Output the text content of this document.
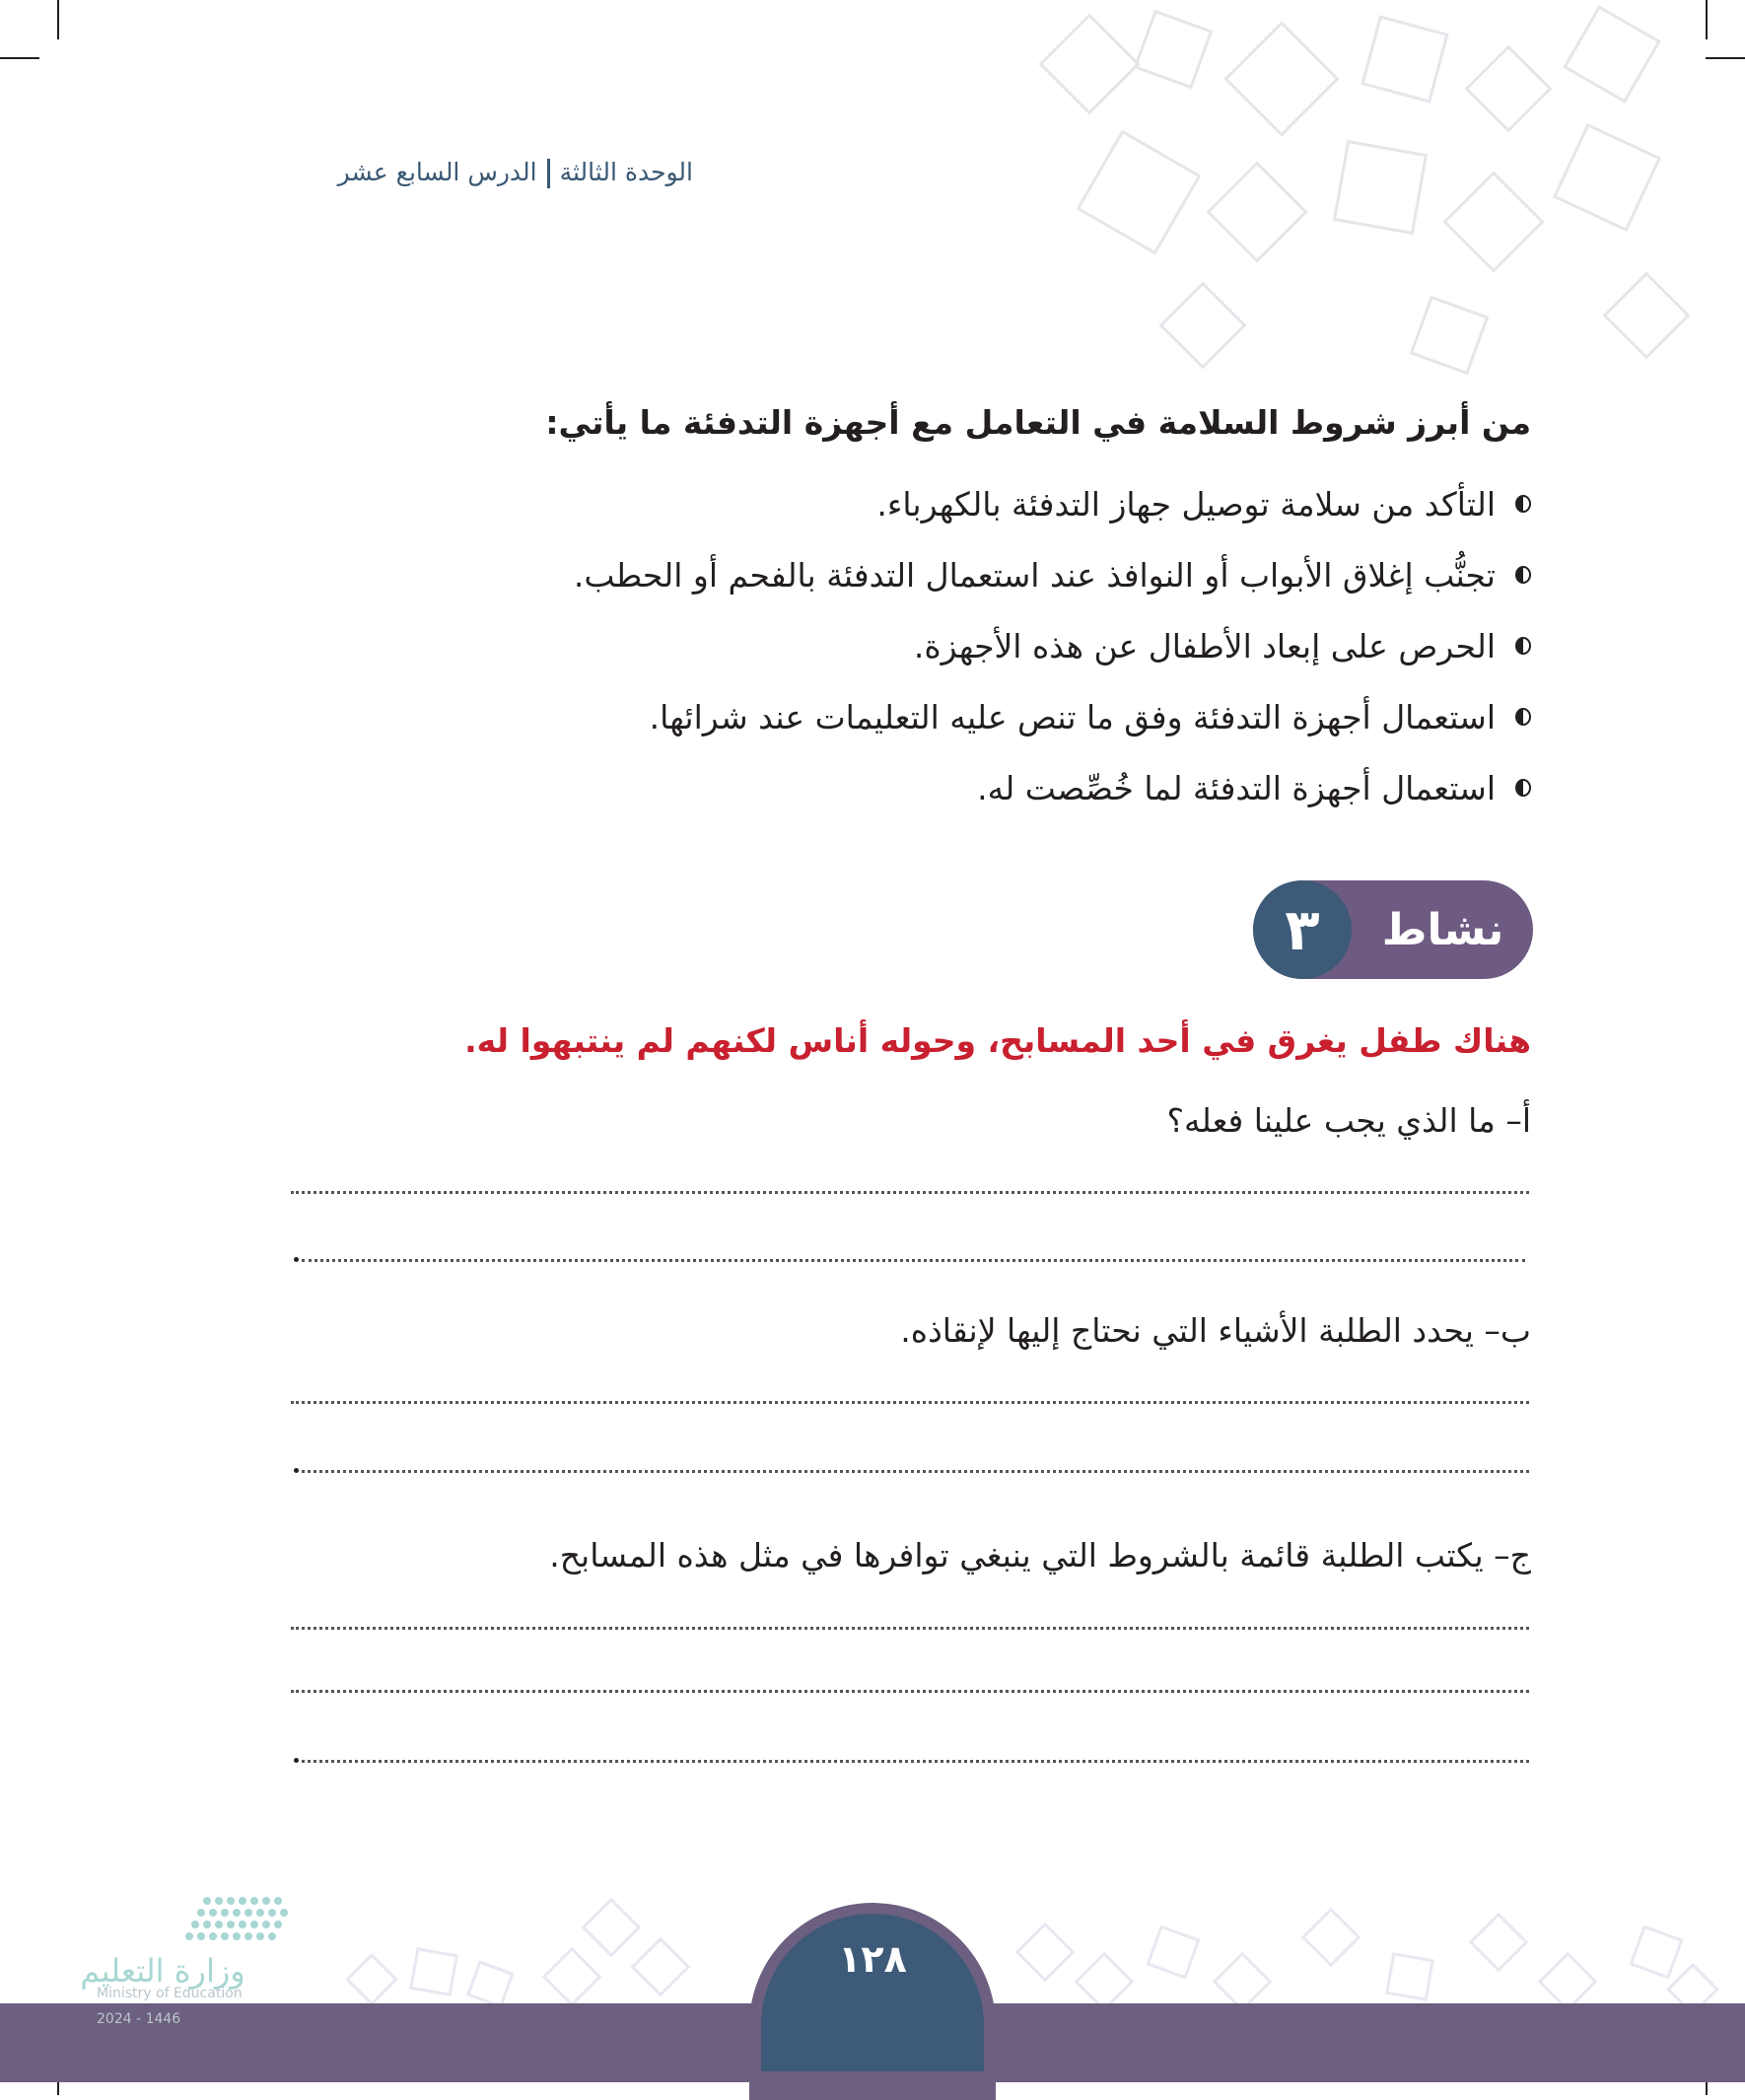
الوحدة الثالثةالدرس السابع عشر
من أبرز شروط السلامة في التعامل مع أجهزة التدفئة ما يأتي:
التأكد من سلامة توصيل جهاز التدفئة بالكهرباء.
تجنُّب إغلاق الأبواب أو النوافذ عند استعمال التدفئة بالفحم أو الحطب.
الحرص على إبعاد الأطفال عن هذه الأجهزة.
استعمال أجهزة التدفئة وفق ما تنص عليه التعليمات عند شرائها.
استعمال أجهزة التدفئة لما خُصِّصت له.
٣	نشاط
هناك طفل يغرق في أحد المسابح، وحوله أناس لكنهم لم ينتبهوا له.
أ– ما الذي يجب علينا فعله؟
ب– يحدد الطلبة الأشياء التي نحتاج إليها لإنقاذه.
ج– يكتب الطلبة قائمة بالشروط التي ينبغي توافرها في مثل هذه المسابح.
١٢٨
وزارة التعليم
Ministry of Education
2024 - 1446
